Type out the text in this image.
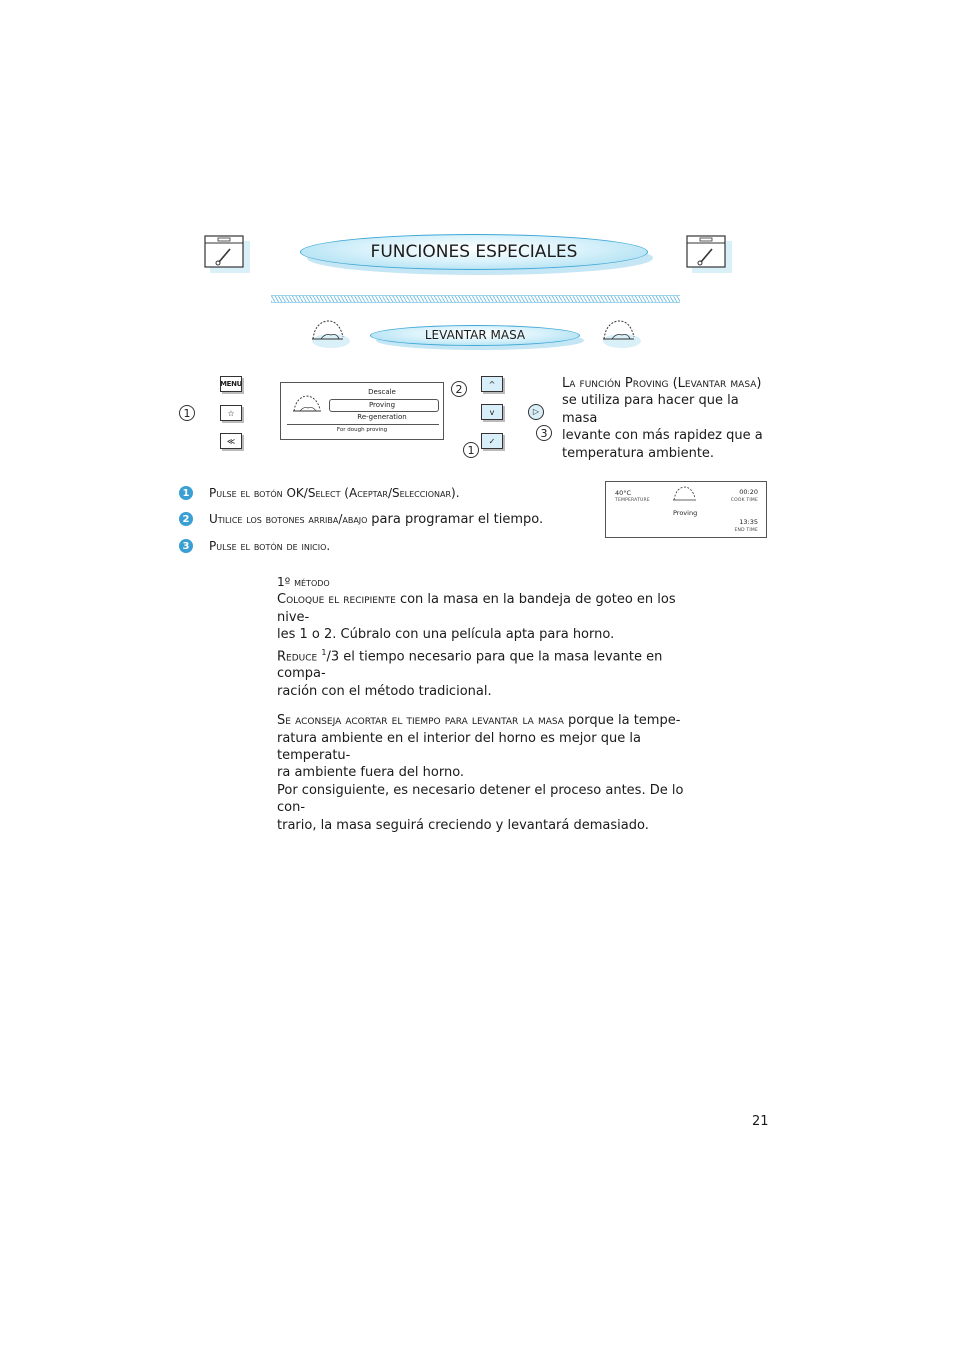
FUNCIONES ESPECIALES
LEVANTAR MASA
1
MENU
☆
≪
Descale
Proving
Re-generation
For dough proving
2
1
^
v
✓
▷
3
La función Proving (Levantar masa)
se utiliza para hacer que la masa
levante con más rapidez que a
temperatura ambiente.
1 Pulse el botón OK/Select (Aceptar/Seleccionar).
2 Utilice los botones arriba/abajo para programar el tiempo.
3 Pulse el botón de inicio.
40°C
TEMPERATURE
Proving
00:20
COOK TIME
13:35
END TIME
1º método
Coloque el recipiente con la masa en la bandeja de goteo en los nive-
les 1 o 2. Cúbralo con una película apta para horno.
Reduce $^1$/3 el tiempo necesario para que la masa levante en compa-
ración con el método tradicional.
Se aconseja acortar el tiempo para levantar la masa porque la tempe-
ratura ambiente en el interior del horno es mejor que la temperatu-
ra ambiente fuera del horno.
Por consiguiente, es necesario detener el proceso antes. De lo con-
trario, la masa seguirá creciendo y levantará demasiado.
21
